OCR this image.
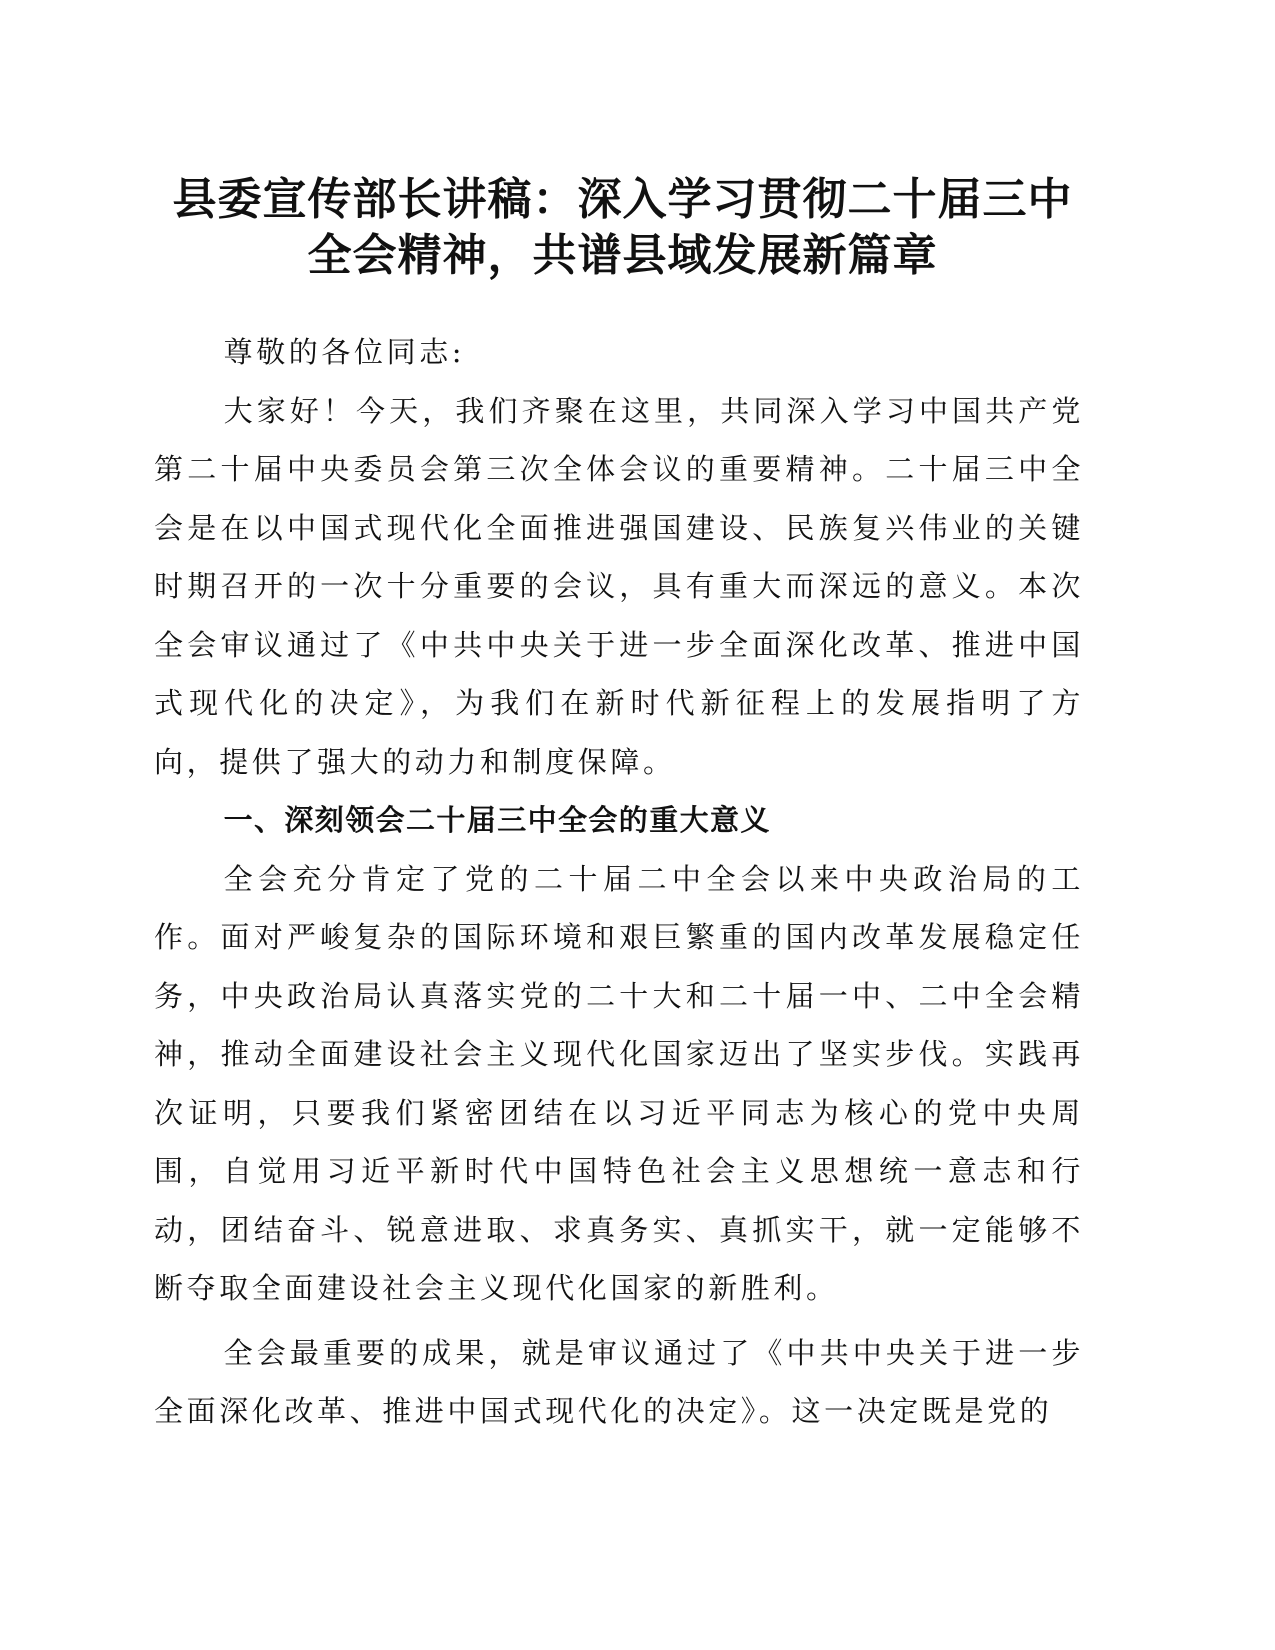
县委宣传部长讲稿：深入学习贯彻二十届三中
全会精神，共谱县域发展新篇章

尊敬的各位同志:

大家好！今天，我们齐聚在这里，共同深入学习中国共产党第二十届中央委员会第三次全体会议的重要精神。二十届三中全会是在以中国式现代化全面推进强国建设、民族复兴伟业的关键时期召开的一次十分重要的会议，具有重大而深远的意义。本次全会审议通过了《中共中央关于进一步全面深化改革、推进中国式现代化的决定》，为我们在新时代新征程上的发展指明了方向，提供了强大的动力和制度保障。

一、深刻领会二十届三中全会的重大意义

全会充分肯定了党的二十届二中全会以来中央政治局的工作。面对严峻复杂的国际环境和艰巨繁重的国内改革发展稳定任务，中央政治局认真落实党的二十大和二十届一中、二中全会精神，推动全面建设社会主义现代化国家迈出了坚实步伐。实践再次证明，只要我们紧密团结在以习近平同志为核心的党中央周围，自觉用习近平新时代中国特色社会主义思想统一意志和行动，团结奋斗、锐意进取、求真务实、真抓实干，就一定能够不断夺取全面建设社会主义现代化国家的新胜利。

全会最重要的成果，就是审议通过了《中共中央关于进一步全面深化改革、推进中国式现代化的决定》。这一决定既是党的
